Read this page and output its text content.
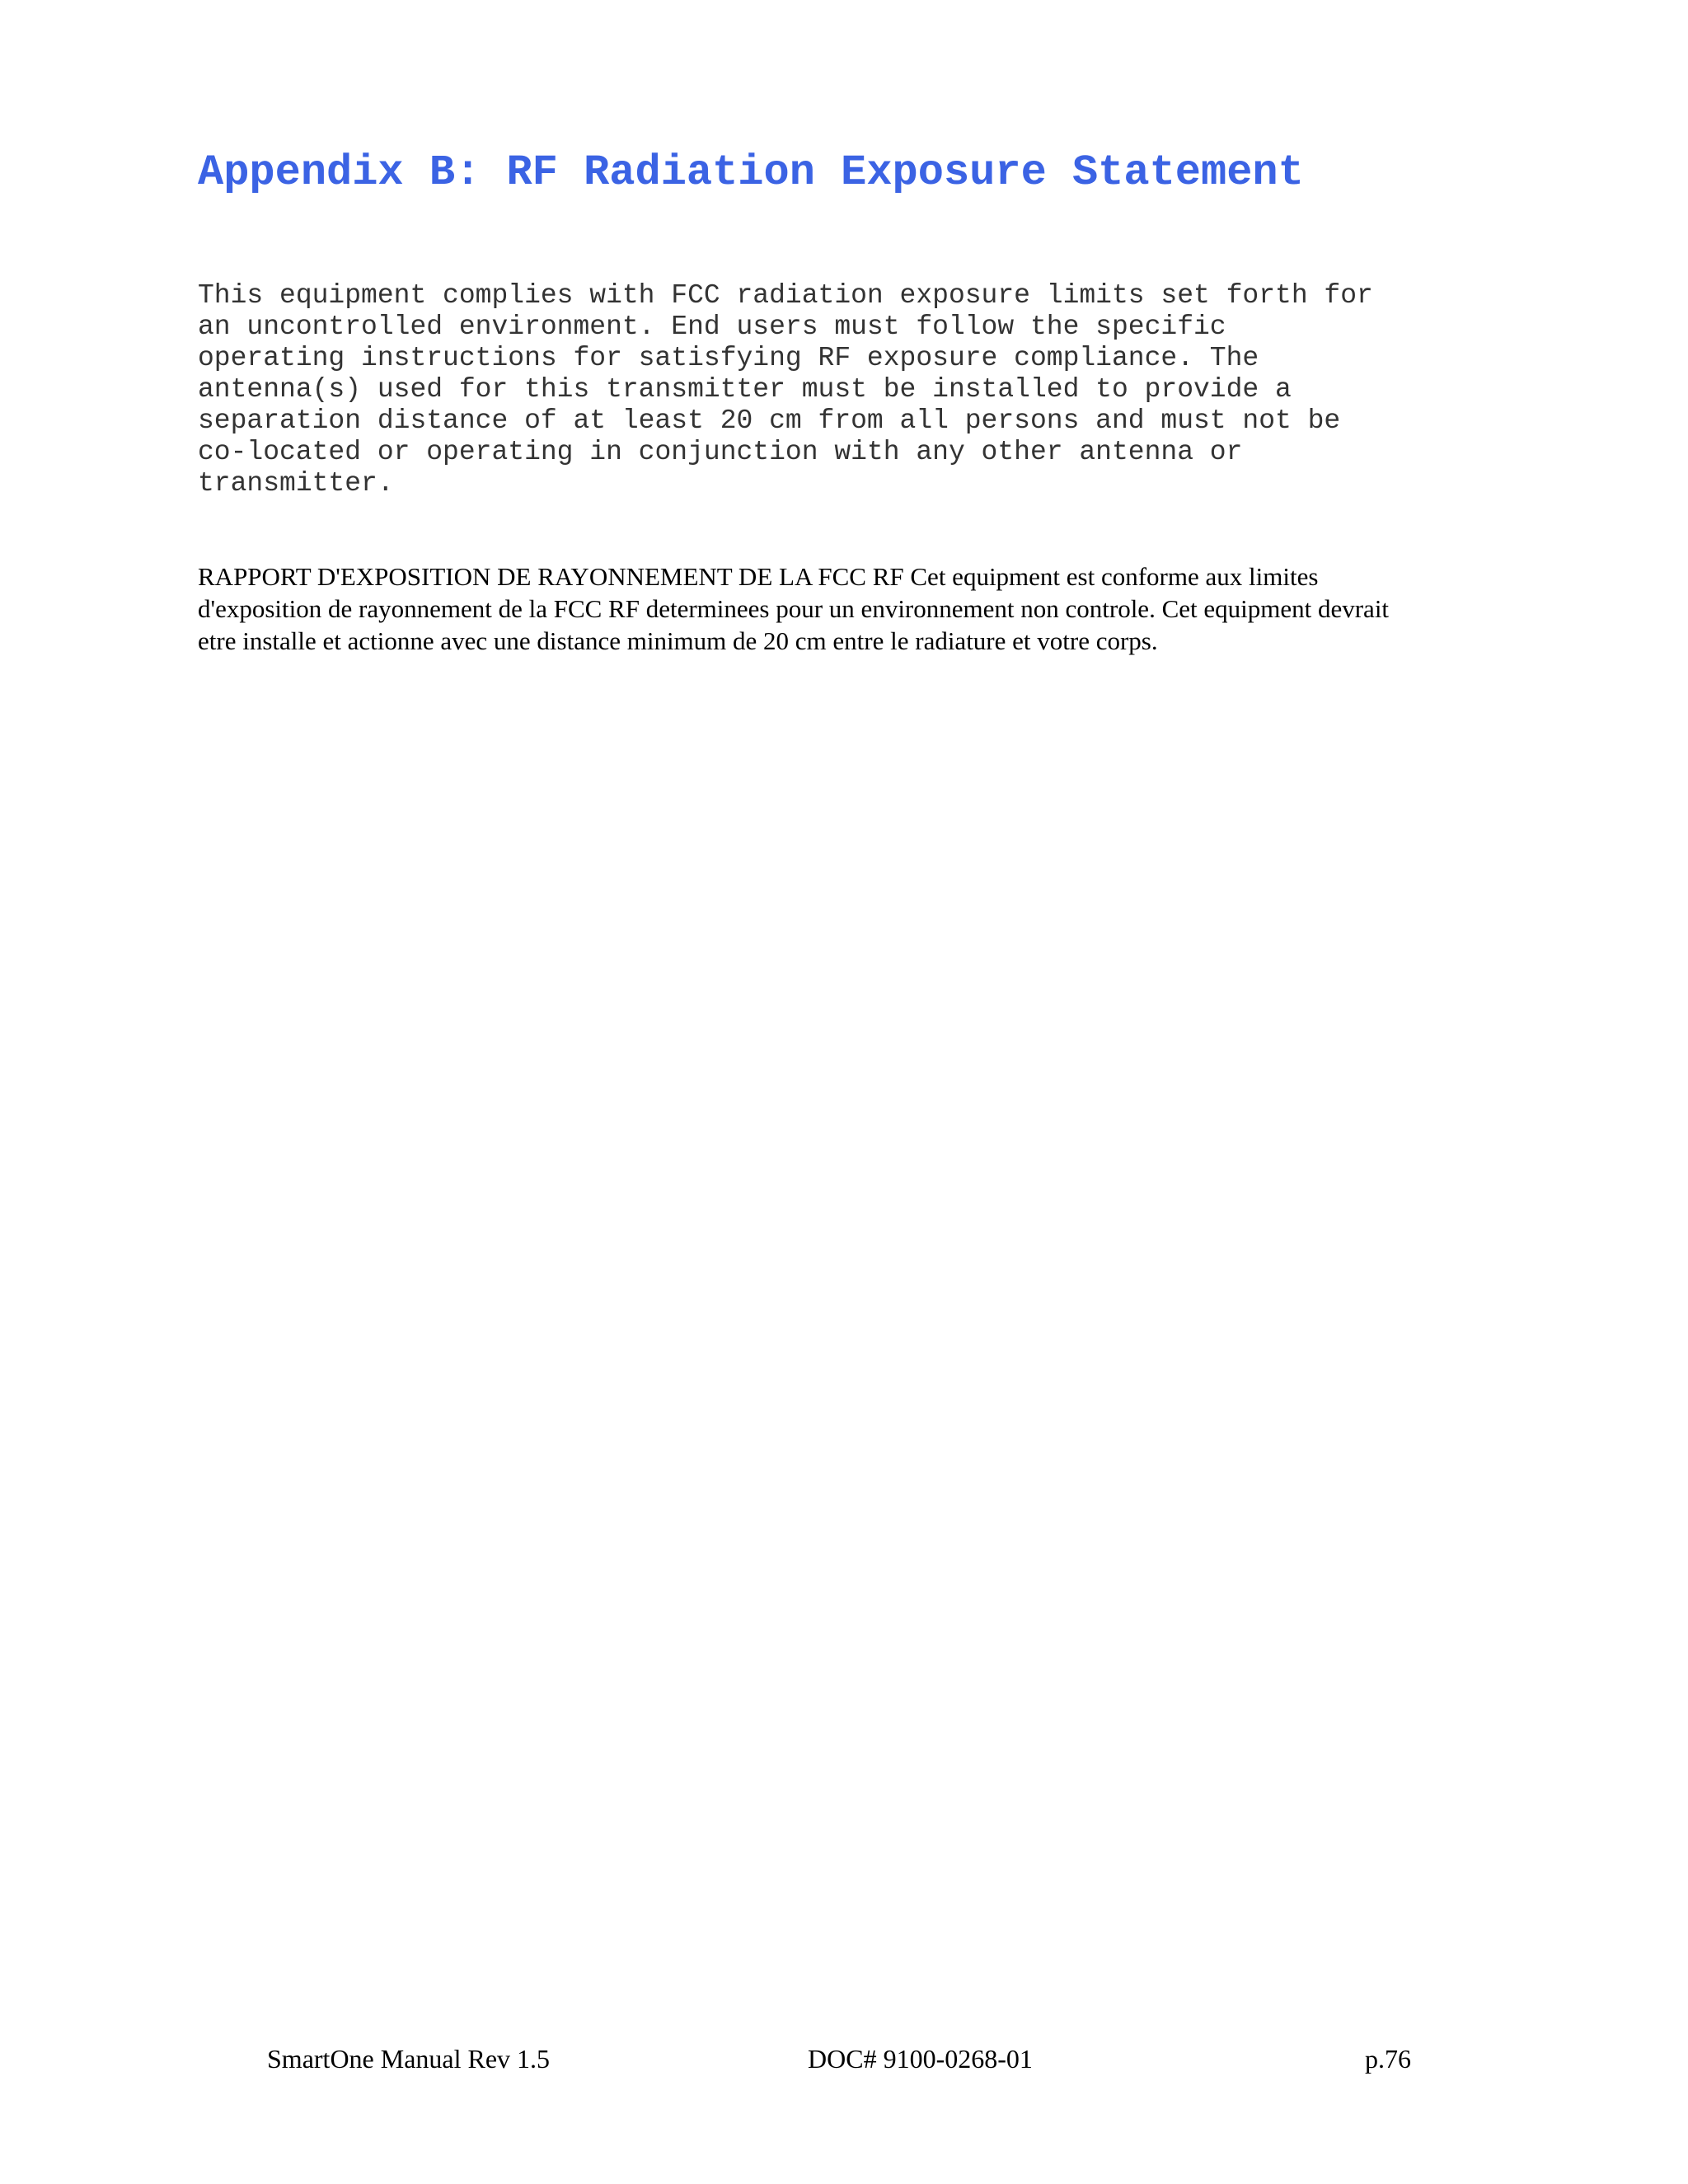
Appendix B: RF Radiation Exposure Statement
This equipment complies with FCC radiation exposure limits set forth for
an uncontrolled environment. End users must follow the specific
operating instructions for satisfying RF exposure compliance. The
antenna(s) used for this transmitter must be installed to provide a
separation distance of at least 20 cm from all persons and must not be
co-located or operating in conjunction with any other antenna or
transmitter.
RAPPORT D'EXPOSITION DE RAYONNEMENT DE LA FCC RF Cet equipment est conforme aux limites
d'exposition de rayonnement de la FCC RF determinees pour un environnement non controle. Cet equipment devrait
etre installe et actionne avec une distance minimum de 20 cm entre le radiature et votre corps.
SmartOne Manual Rev 1.5	DOC# 9100-0268-01	p.76
